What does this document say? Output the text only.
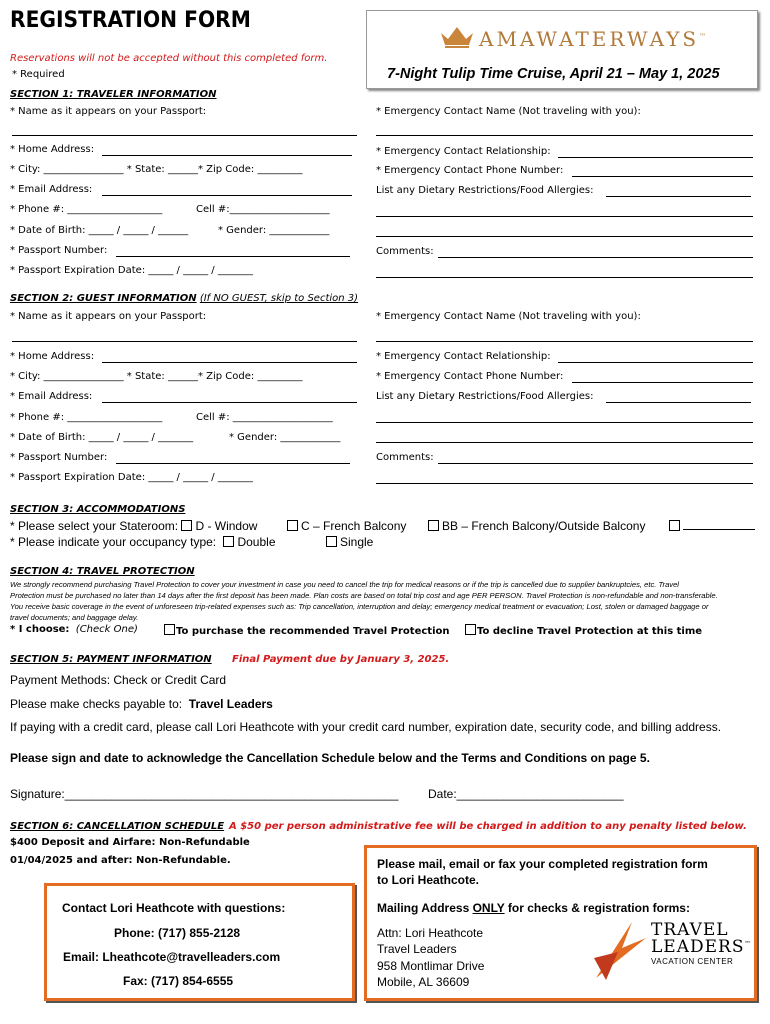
REGISTRATION FORM
Reservations will not be accepted without this completed form.
* Required
AMAWATERWAYS™
7-Night Tulip Time Cruise, April 21 – May 1, 2025
SECTION 1: TRAVELER INFORMATION
* Name as it appears on your Passport:
* Home Address:
* City: ________________ * State: ______* Zip Code: _________
* Email Address:
* Phone #: ___________________	Cell #:____________________
* Date of Birth: _____ / _____ / ______	* Gender: ____________
* Passport Number:
* Passport Expiration Date: _____ / _____ / _______
* Emergency Contact Name (Not traveling with you):
* Emergency Contact Relationship:
* Emergency Contact Phone Number:
List any Dietary Restrictions/Food Allergies:
Comments:
SECTION 2: GUEST INFORMATION (If NO GUEST, skip to Section 3)
* Name as it appears on your Passport:
* Home Address:
* City: ________________ * State: ______* Zip Code: _________
* Email Address:
* Phone #: ___________________	Cell #: ____________________
* Date of Birth: _____ / _____ / _______	* Gender: ____________
* Passport Number:
* Passport Expiration Date: _____ / _____ / _______
* Emergency Contact Name (Not traveling with you):
* Emergency Contact Relationship:
* Emergency Contact Phone Number:
List any Dietary Restrictions/Food Allergies:
Comments:
SECTION 3: ACCOMMODATIONS
* Please select your Stateroom: D - Window	C – French Balcony	BB – French Balcony/Outside Balcony
* Please indicate your occupancy type: Double	Single
SECTION 4: TRAVEL PROTECTION
We strongly recommend purchasing Travel Protection to cover your investment in case you need to cancel the trip for medical reasons or if the trip is cancelled due to supplier bankruptcies, etc. Travel
Protection must be purchased no later than 14 days after the first deposit has been made. Plan costs are based on total trip cost and age PER PERSON. Travel Protection is non-refundable and non-transferable.
You receive basic coverage in the event of unforeseen trip-related expenses such as: Trip cancellation, interruption and delay; emergency medical treatment or evacuation; Lost, stolen or damaged baggage or
travel documents; and baggage delay.
* I choose: (Check One)	To purchase the recommended Travel Protection	To decline Travel Protection at this time
SECTION 5: PAYMENT INFORMATION Final Payment due by January 3, 2025.
Payment Methods: Check or Credit Card
Please make checks payable to: Travel Leaders
If paying with a credit card, please call Lori Heathcote with your credit card number, expiration date, security code, and billing address.
Please sign and date to acknowledge the Cancellation Schedule below and the Terms and Conditions on page 5.
Signature:__________________________________________________ Date:_________________________
SECTION 6: CANCELLATION SCHEDULE A $50 per person administrative fee will be charged in addition to any penalty listed below.
$400 Deposit and Airfare: Non-Refundable
01/04/2025 and after: Non-Refundable.
Contact Lori Heathcote with questions:
Phone: (717) 855-2128
Email: Lheathcote@travelleaders.com
Fax: (717) 854-6555
Please mail, email or fax your completed registration form
to Lori Heathcote.
Mailing Address ONLY for checks & registration forms:
Attn: Lori Heathcote
Travel Leaders
958 Montlimar Drive
Mobile, AL 36609
TRAVEL
LEADERS™
VACATION CENTER
